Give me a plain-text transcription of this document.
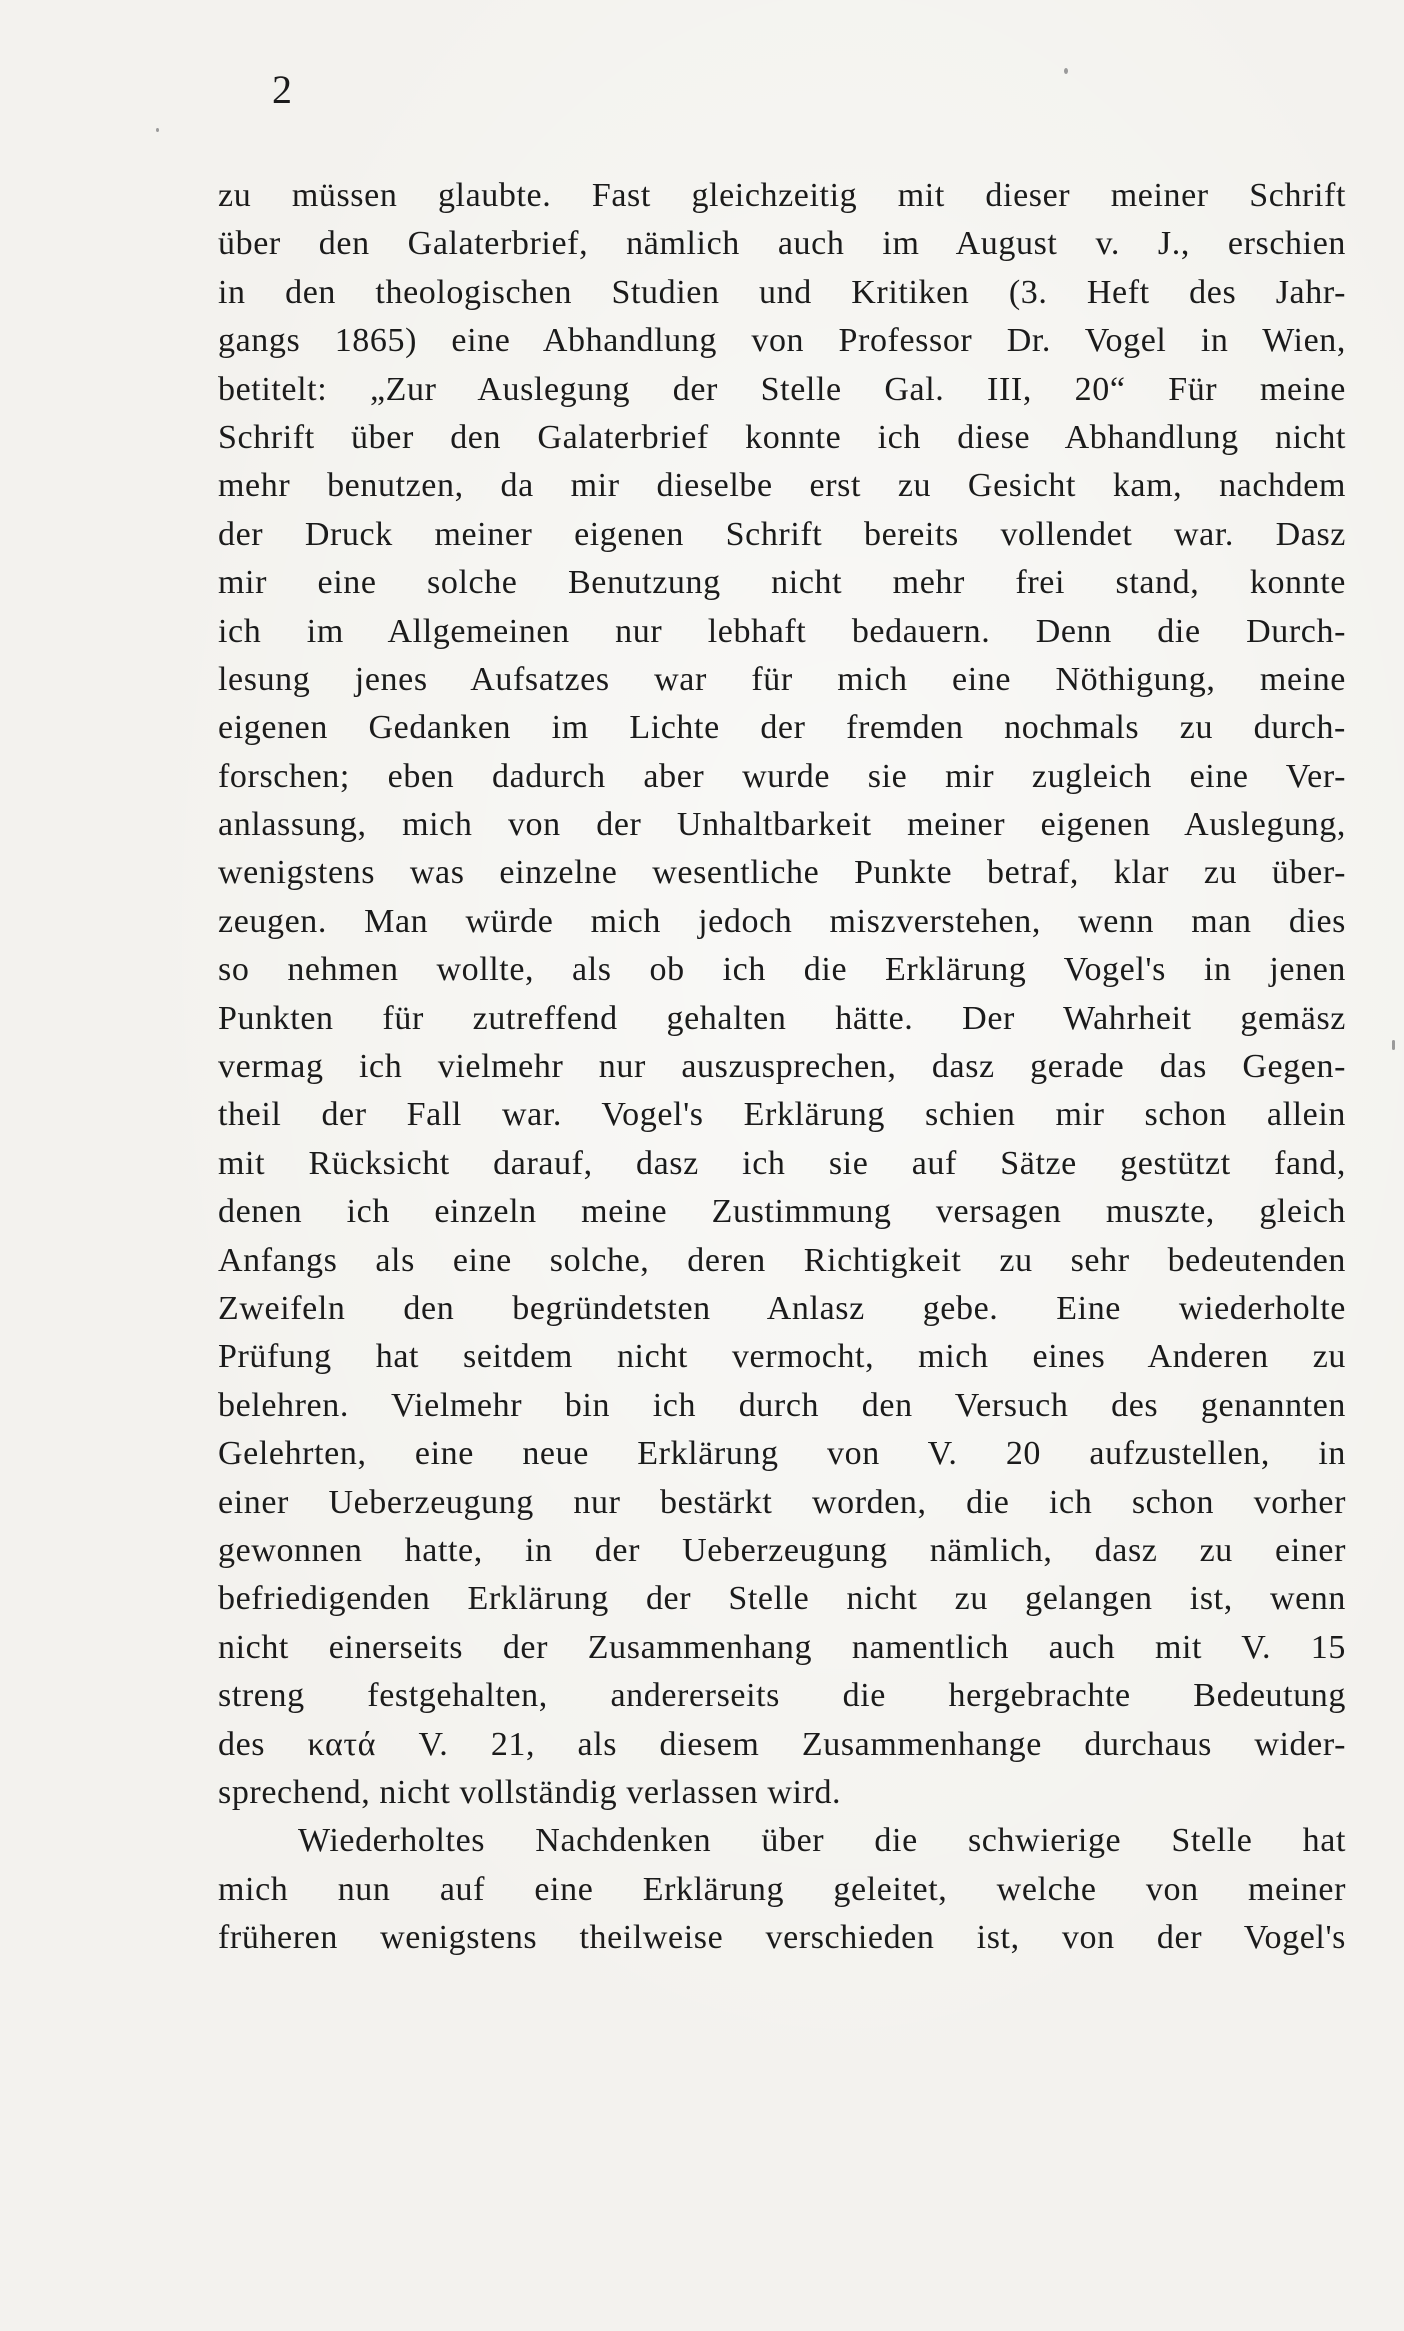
2
zu müssen glaubte. Fast gleichzeitig mit dieser meiner Schrift
über den Galaterbrief, nämlich auch im August v. J., erschien
in den theologischen Studien und Kritiken (3. Heft des Jahr-
gangs 1865) eine Abhandlung von Professor Dr. Vogel in Wien,
betitelt: „Zur Auslegung der Stelle Gal. III, 20“ Für meine
Schrift über den Galaterbrief konnte ich diese Abhandlung nicht
mehr benutzen, da mir dieselbe erst zu Gesicht kam, nachdem
der Druck meiner eigenen Schrift bereits vollendet war. Dasz
mir eine solche Benutzung nicht mehr frei stand, konnte
ich im Allgemeinen nur lebhaft bedauern. Denn die Durch-
lesung jenes Aufsatzes war für mich eine Nöthigung, meine
eigenen Gedanken im Lichte der fremden nochmals zu durch-
forschen; eben dadurch aber wurde sie mir zugleich eine Ver-
anlassung, mich von der Unhaltbarkeit meiner eigenen Auslegung,
wenigstens was einzelne wesentliche Punkte betraf, klar zu über-
zeugen. Man würde mich jedoch miszverstehen, wenn man dies
so nehmen wollte, als ob ich die Erklärung Vogel's in jenen
Punkten für zutreffend gehalten hätte. Der Wahrheit gemäsz
vermag ich vielmehr nur auszusprechen, dasz gerade das Gegen-
theil der Fall war. Vogel's Erklärung schien mir schon allein
mit Rücksicht darauf, dasz ich sie auf Sätze gestützt fand,
denen ich einzeln meine Zustimmung versagen muszte, gleich
Anfangs als eine solche, deren Richtigkeit zu sehr bedeutenden
Zweifeln den begründetsten Anlasz gebe. Eine wiederholte
Prüfung hat seitdem nicht vermocht, mich eines Anderen zu
belehren. Vielmehr bin ich durch den Versuch des genannten
Gelehrten, eine neue Erklärung von V. 20 aufzustellen, in
einer Ueberzeugung nur bestärkt worden, die ich schon vorher
gewonnen hatte, in der Ueberzeugung nämlich, dasz zu einer
befriedigenden Erklärung der Stelle nicht zu gelangen ist, wenn
nicht einerseits der Zusammenhang namentlich auch mit V. 15
streng festgehalten, andererseits die hergebrachte Bedeutung
des κατά V. 21, als diesem Zusammenhange durchaus wider-
sprechend, nicht vollständig verlassen wird.
Wiederholtes Nachdenken über die schwierige Stelle hat
mich nun auf eine Erklärung geleitet, welche von meiner
früheren wenigstens theilweise verschieden ist, von der Vogel's
